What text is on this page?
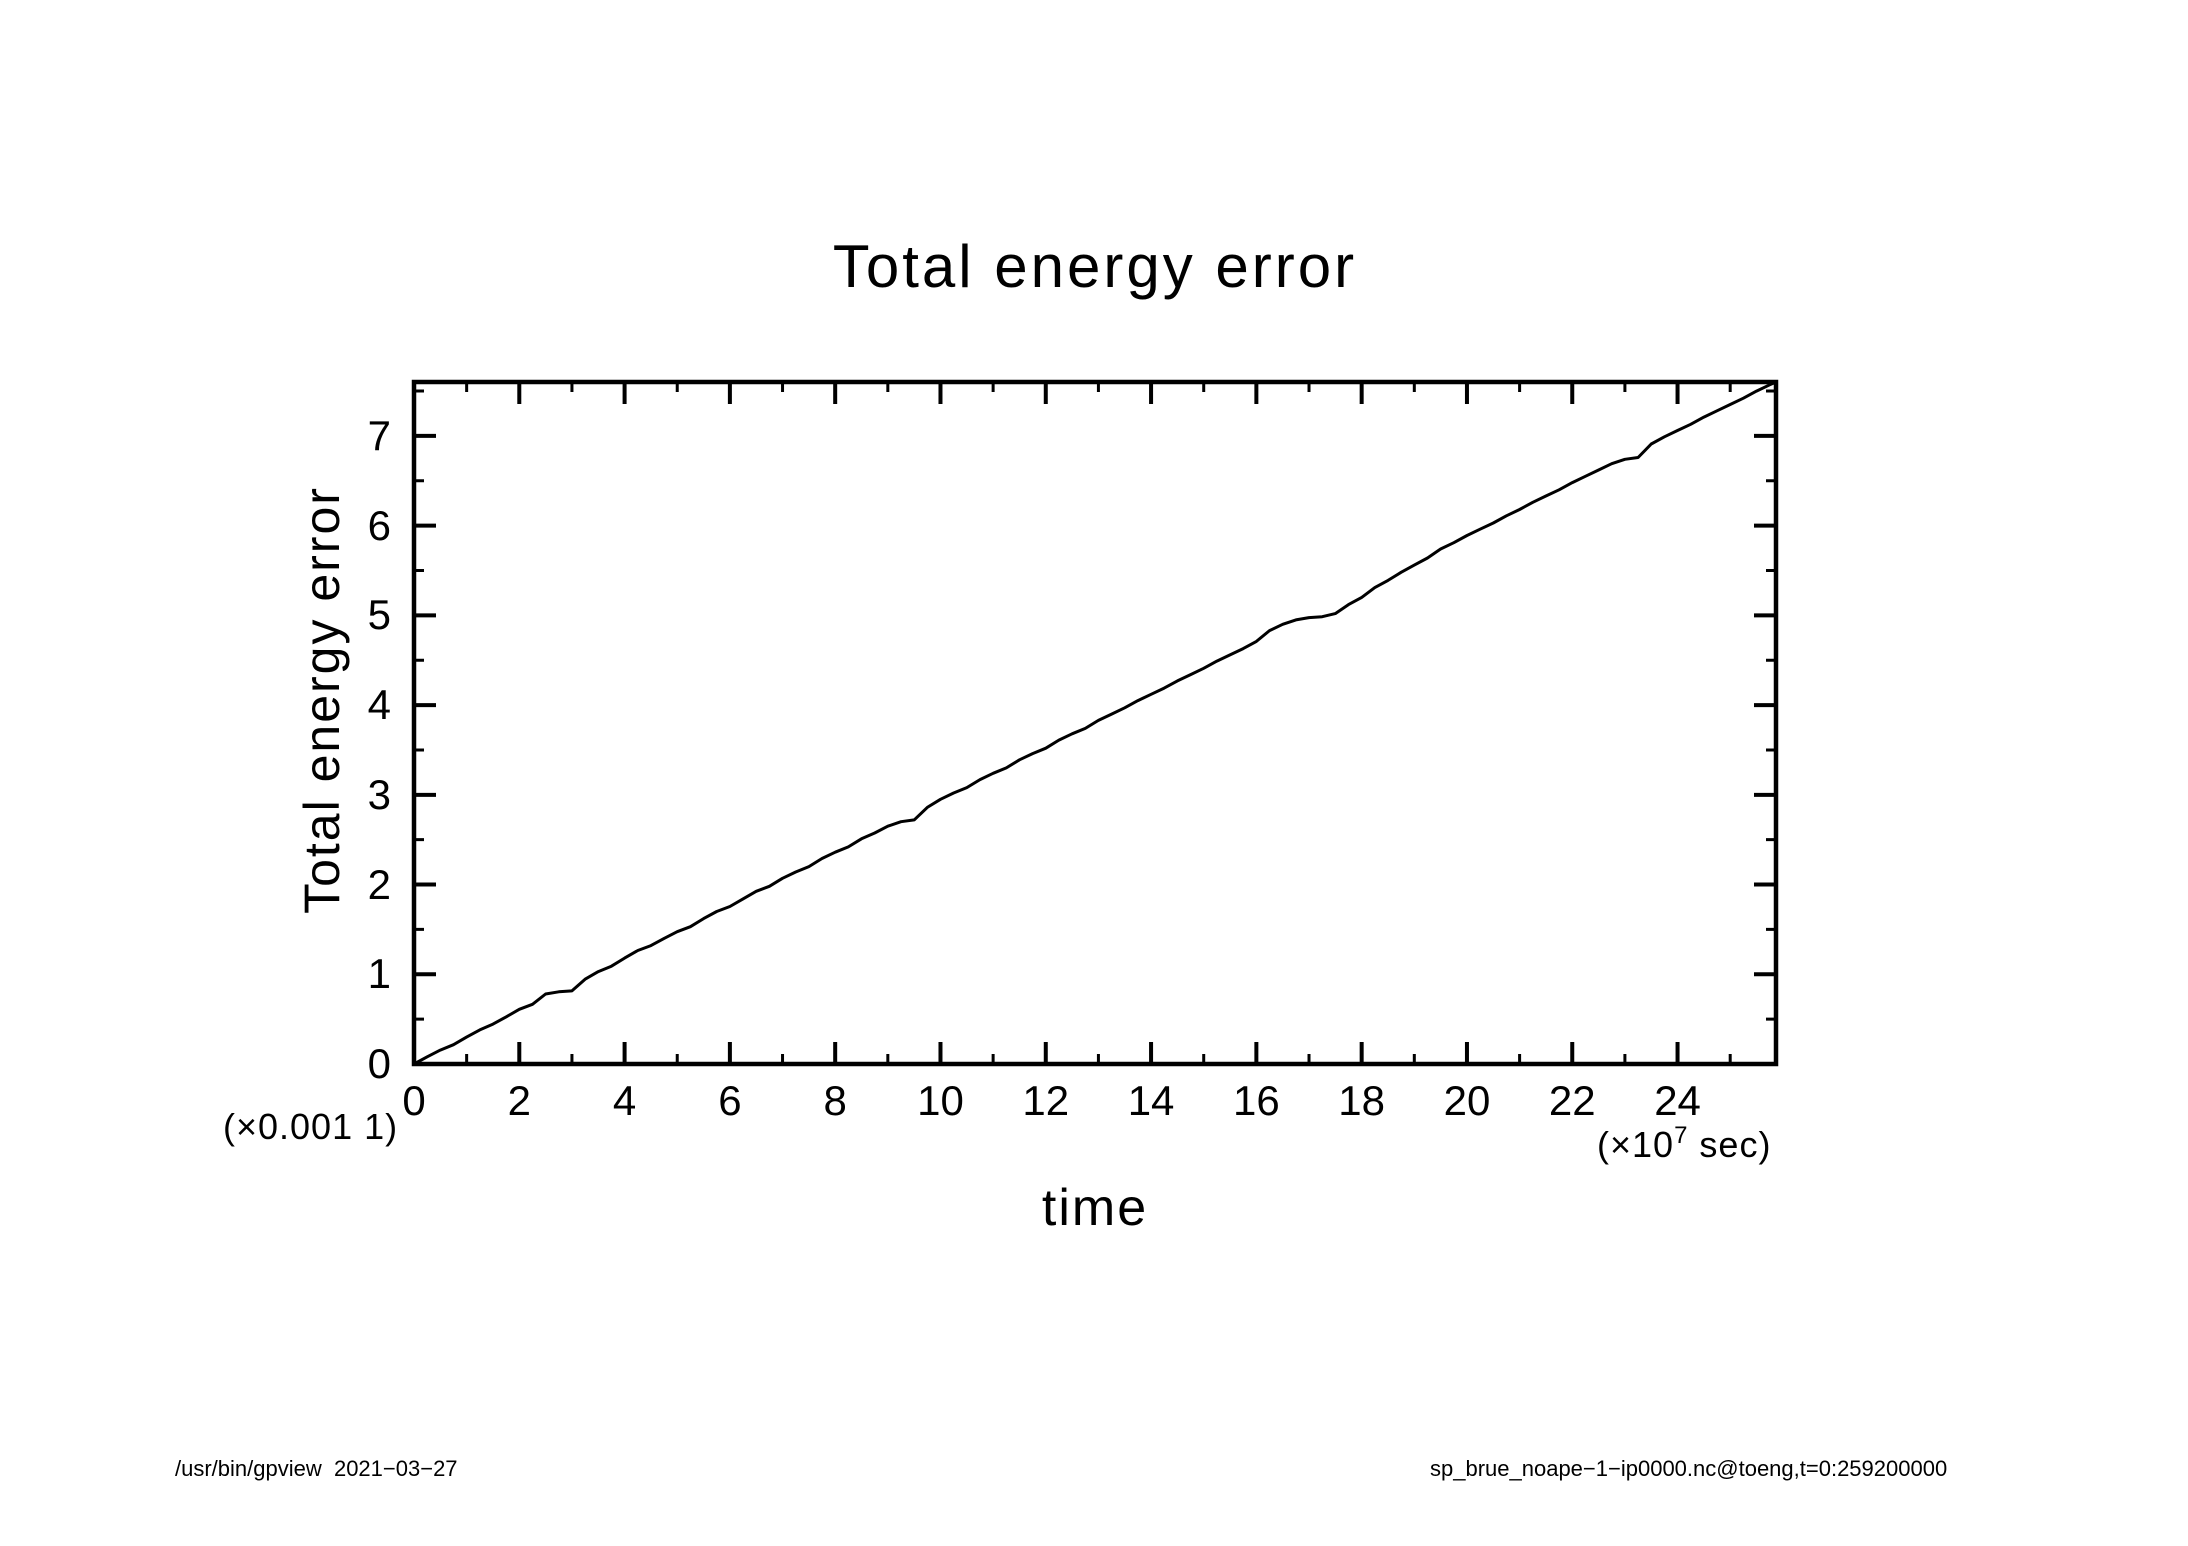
Total energy error
Total energy error
time
(×0.001 1)	($\times 10^7$ sec)
/usr/bin/gpview  2021−03−27	sp_brue_noape−1−ip0000.nc@toeng,t=0:259200000
0	2	4	6	8	10	12	14	16	18	20	22	24
0
1
2
3
4
5
6
7
